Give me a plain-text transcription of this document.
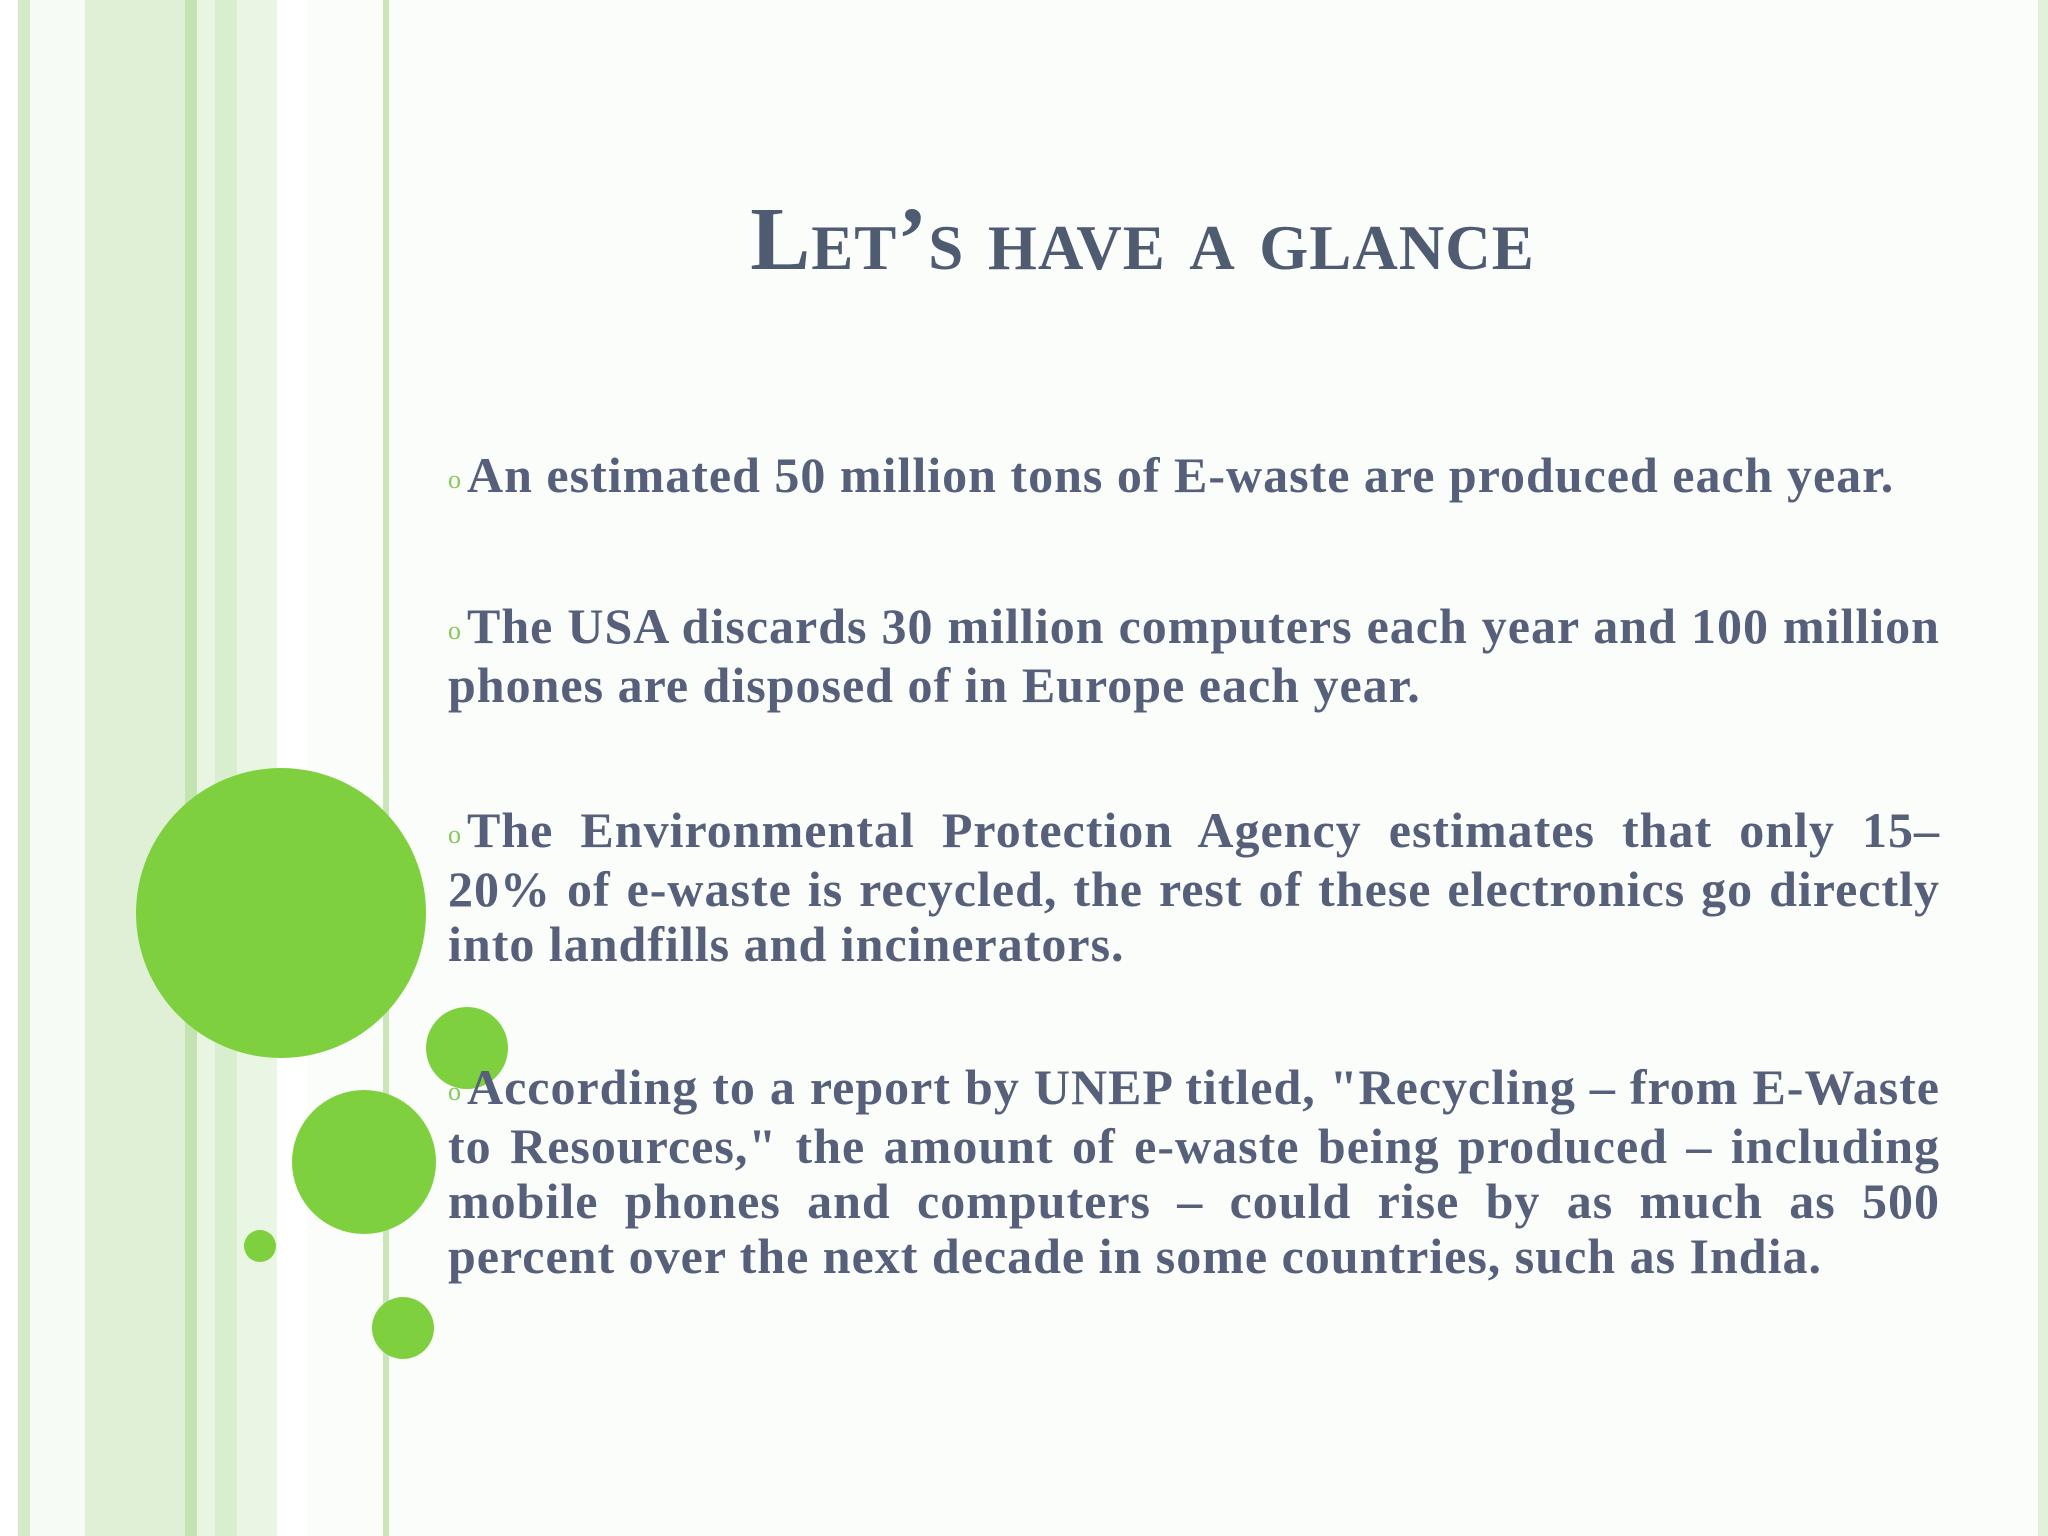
Let’s have a glance
o An estimated 50 million tons of E-waste are produced each year.
o The USA discards 30 million computers each year and 100 million phones are disposed of in Europe each year.
o The Environmental Protection Agency estimates that only 15–20% of e-waste is recycled, the rest of these electronics go directly into landfills and incinerators.
o According to a report by UNEP titled, "Recycling – from E-Waste to Resources," the amount of e-waste being produced – including mobile phones and computers – could rise by as much as 500 percent over the next decade in some countries, such as India.
